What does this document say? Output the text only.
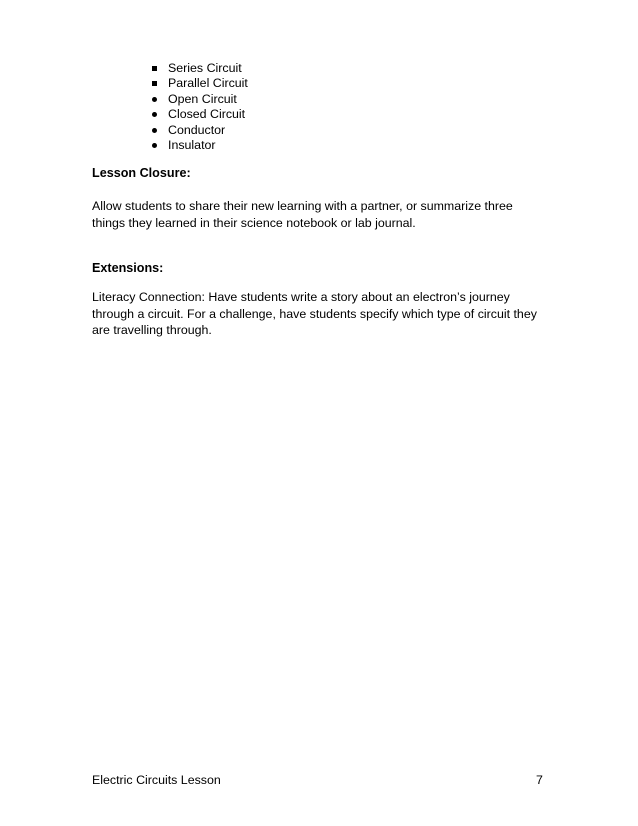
Series Circuit
Parallel Circuit
Open Circuit
Closed Circuit
Conductor
Insulator
Lesson Closure:

Allow students to share their new learning with a partner, or summarize three
things they learned in their science notebook or lab journal.

Extensions:

Literacy Connection: Have students write a story about an electron’s journey
through a circuit. For a challenge, have students specify which type of circuit they
are travelling through.

Electric Circuits Lesson	7
